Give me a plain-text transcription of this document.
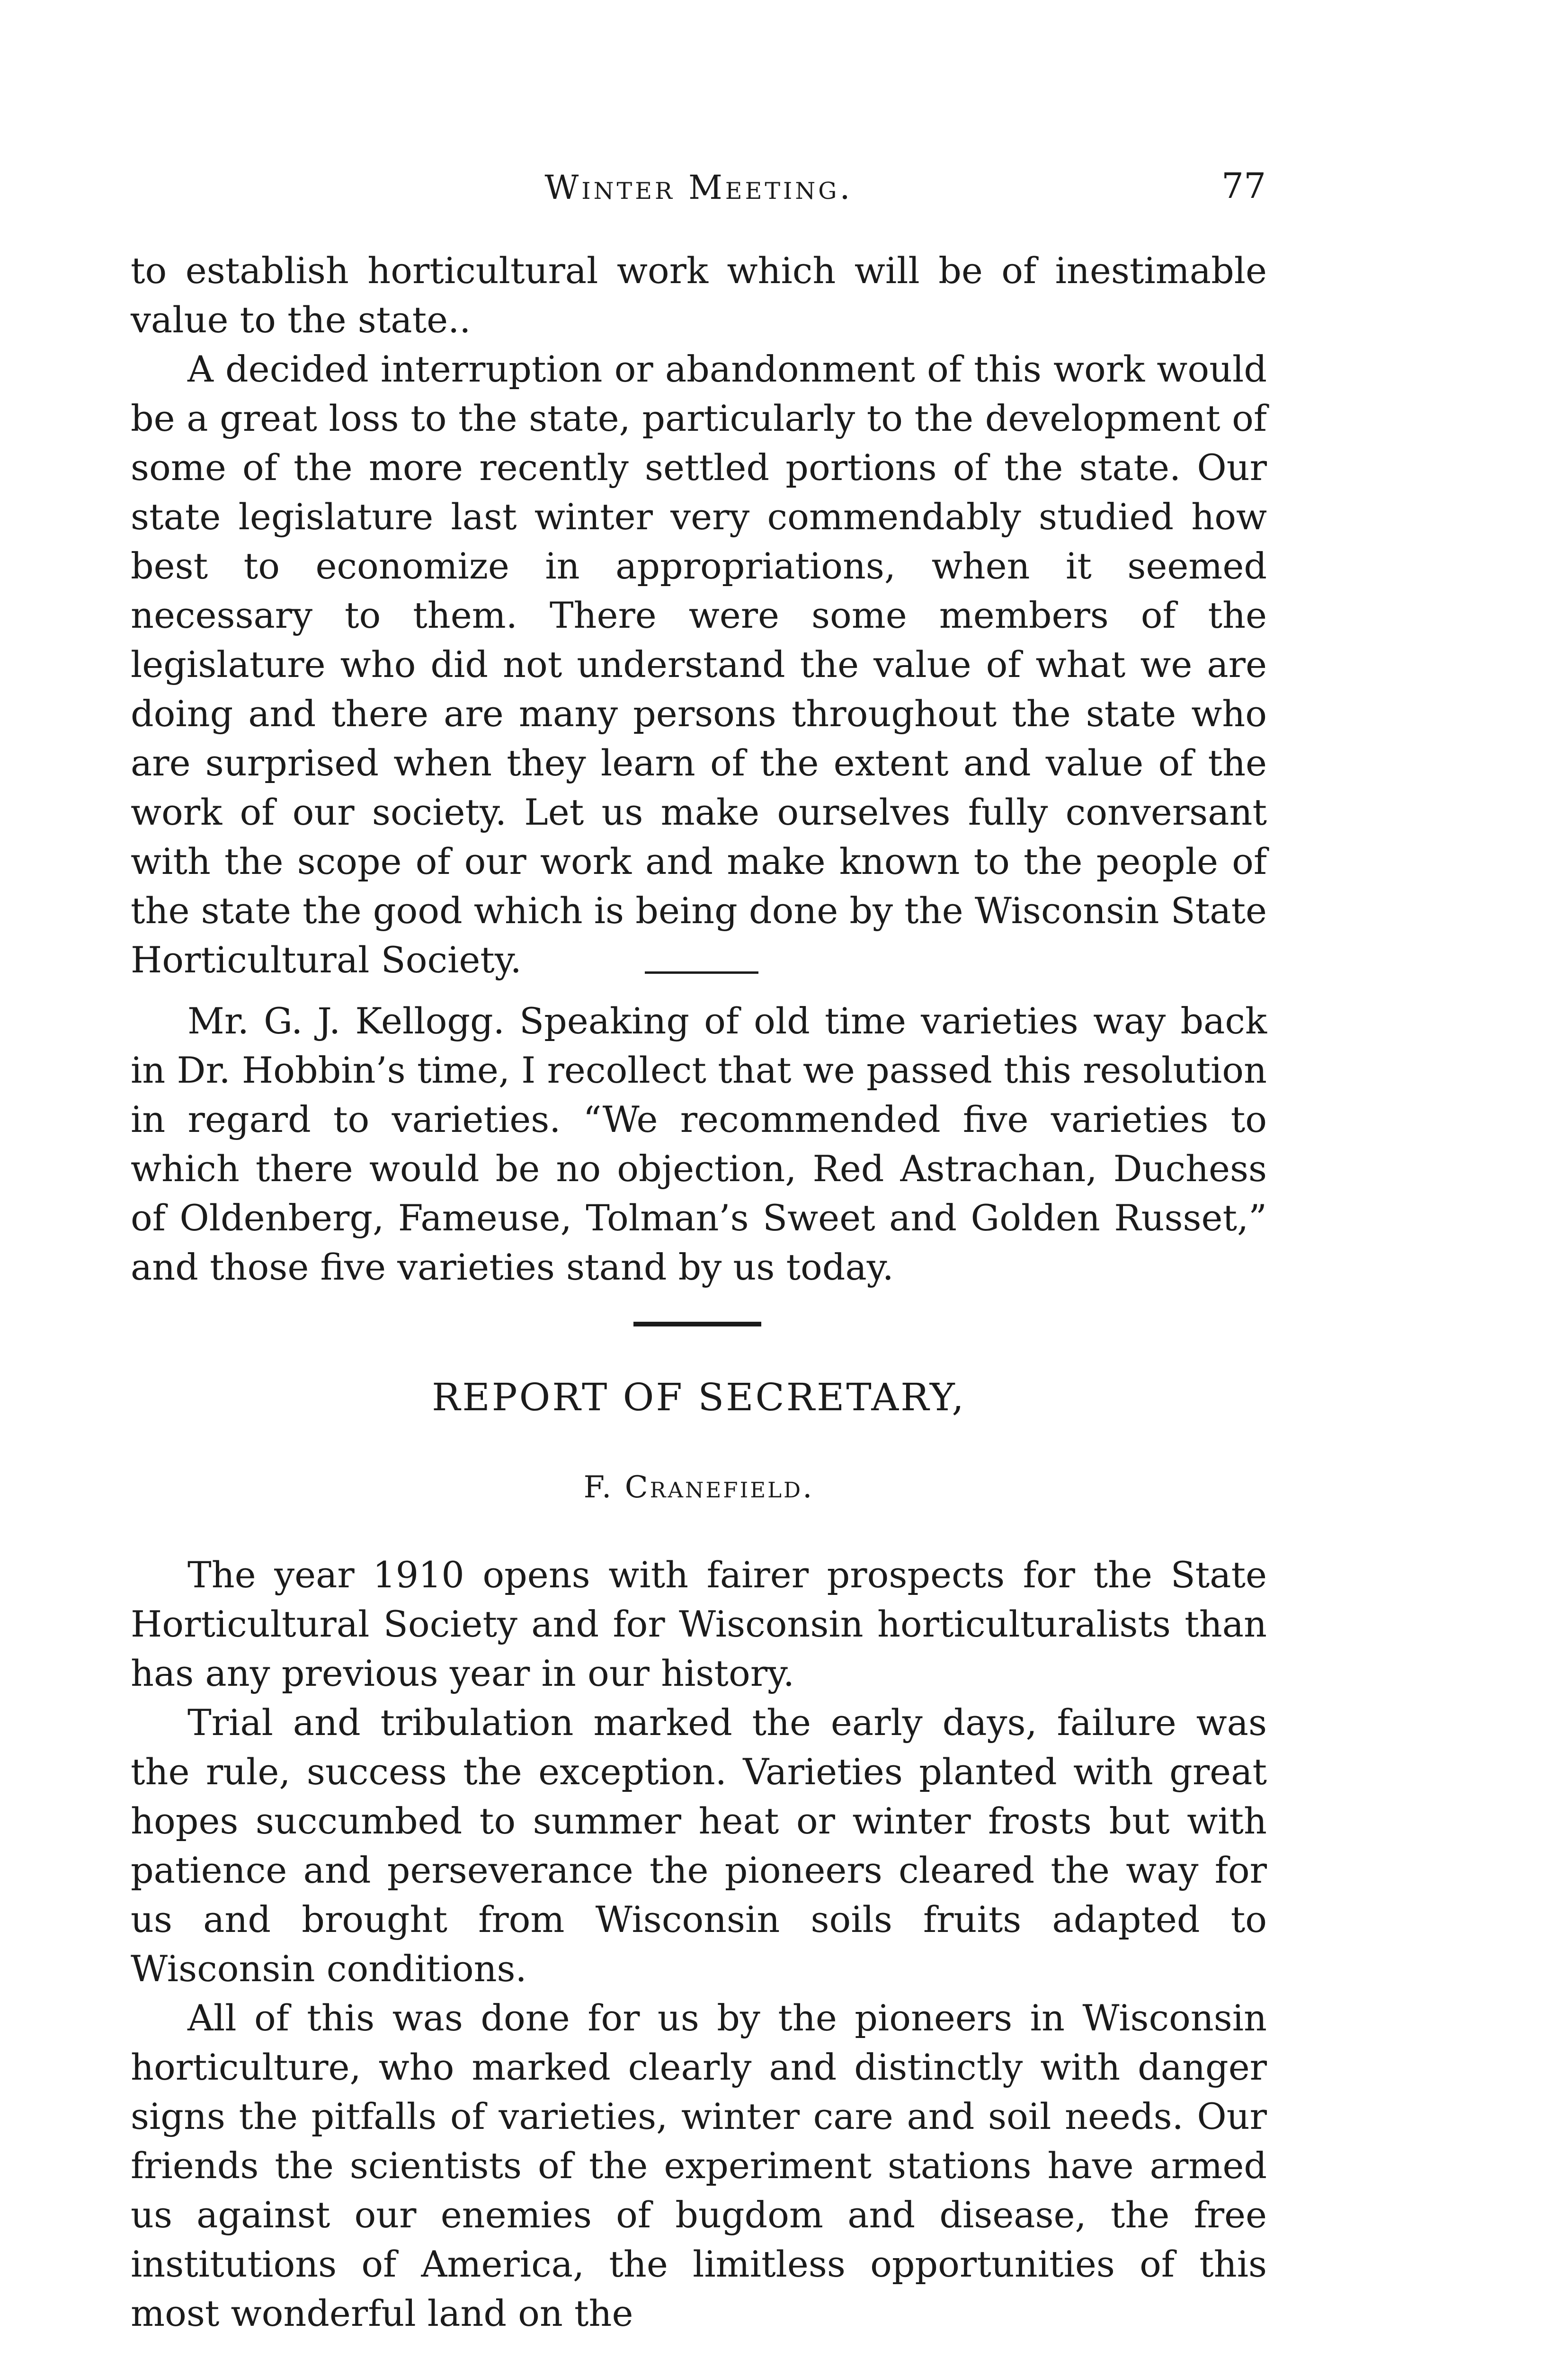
Winter Meeting.	77

to establish horticultural work which will be of inestimable value to the state..

A decided interruption or abandonment of this work would be a great loss to the state, particularly to the development of some of the more recently settled portions of the state. Our state legislature last winter very commendably studied how best to economize in appropriations, when it seemed necessary to them. There were some members of the legislature who did not understand the value of what we are doing and there are many persons throughout the state who are surprised when they learn of the extent and value of the work of our society. Let us make ourselves fully conversant with the scope of our work and make known to the people of the state the good which is being done by the Wisconsin State Horticultural Society.

Mr. G. J. Kellogg. Speaking of old time varieties way back in Dr. Hobbin’s time, I recollect that we passed this resolution in regard to varieties. “We recommended five varieties to which there would be no objection, Red Astrachan, Duchess of Oldenberg, Fameuse, Tolman’s Sweet and Golden Russet,” and those five varieties stand by us today.

REPORT OF SECRETARY,
F. Cranefield.

The year 1910 opens with fairer prospects for the State Horticultural Society and for Wisconsin horticulturalists than has any previous year in our history.

Trial and tribulation marked the early days, failure was the rule, success the exception. Varieties planted with great hopes succumbed to summer heat or winter frosts but with patience and perseverance the pioneers cleared the way for us and brought from Wisconsin soils fruits adapted to Wisconsin conditions.

All of this was done for us by the pioneers in Wisconsin horticulture, who marked clearly and distinctly with danger signs the pitfalls of varieties, winter care and soil needs. Our friends the scientists of the experiment stations have armed us against our enemies of bugdom and disease, the free institutions of America, the limitless opportunities of this most wonderful land on the
